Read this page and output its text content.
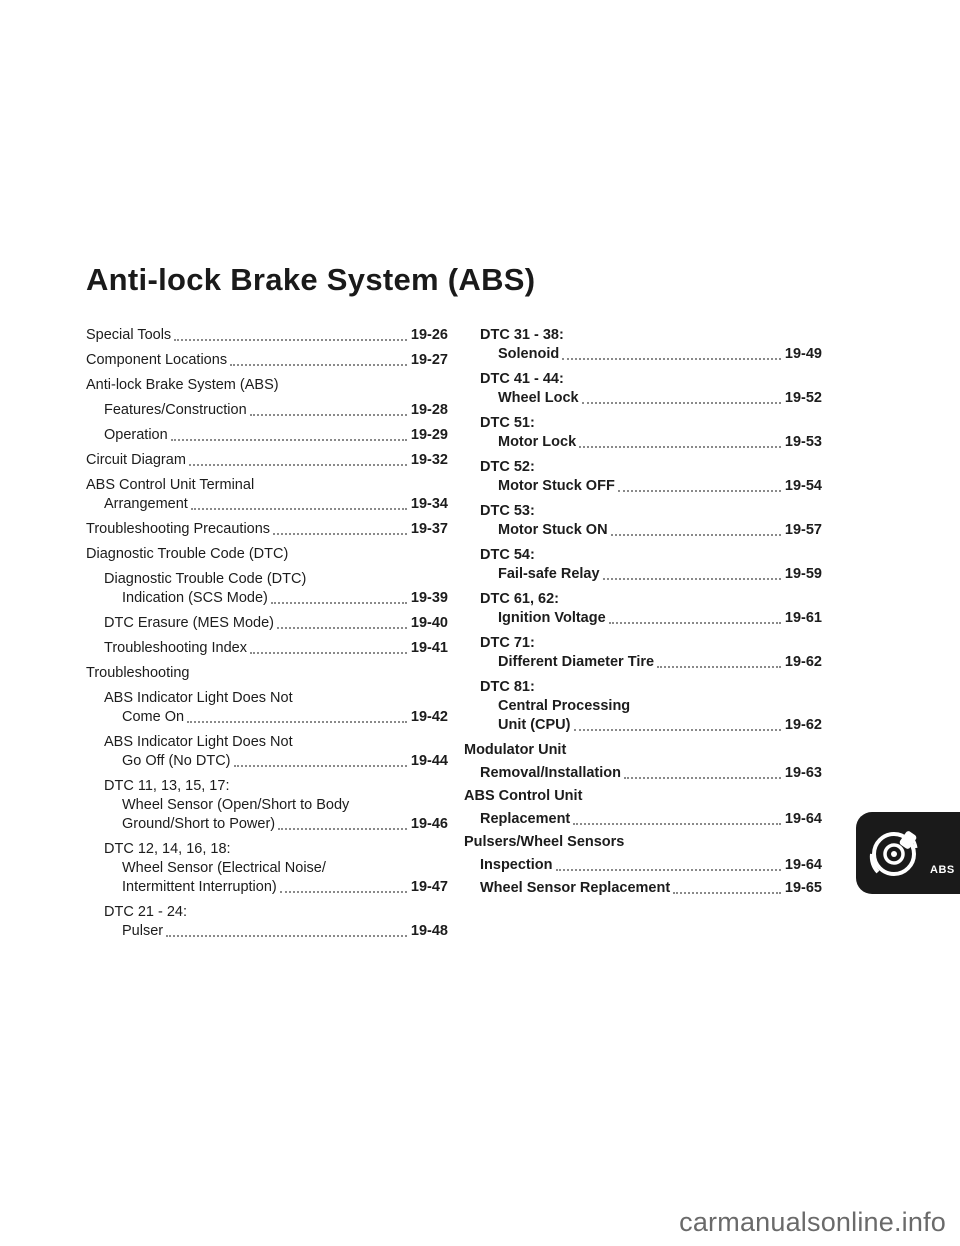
Anti-lock Brake System (ABS)
Special Tools	19-26
Component Locations	19-27
Anti-lock Brake System (ABS)
Features/Construction	19-28
Operation	19-29
Circuit Diagram	19-32
ABS Control Unit Terminal
Arrangement	19-34
Troubleshooting Precautions	19-37
Diagnostic Trouble Code (DTC)
Diagnostic Trouble Code (DTC)
Indication (SCS Mode)	19-39
DTC Erasure (MES Mode)	19-40
Troubleshooting Index	19-41
Troubleshooting
ABS Indicator Light Does Not
Come On	19-42
ABS Indicator Light Does Not
Go Off (No DTC)	19-44
DTC 11, 13, 15, 17:
Wheel Sensor (Open/Short to Body
Ground/Short to Power)	19-46
DTC 12, 14, 16, 18:
Wheel Sensor (Electrical Noise/
Intermittent Interruption)	19-47
DTC 21 - 24:
Pulser	19-48
DTC 31 - 38:
Solenoid	19-49
DTC 41 - 44:
Wheel Lock	19-52
DTC 51:
Motor Lock	19-53
DTC 52:
Motor Stuck OFF	19-54
DTC 53:
Motor Stuck ON	19-57
DTC 54:
Fail-safe Relay	19-59
DTC 61, 62:
Ignition Voltage	19-61
DTC 71:
Different Diameter Tire	19-62
DTC 81:
Central Processing
Unit (CPU)	19-62
Modulator Unit
Removal/Installation	19-63
ABS Control Unit
Replacement	19-64
Pulsers/Wheel Sensors
Inspection	19-64
Wheel Sensor Replacement	19-65
ABS
carmanualsonline.info
